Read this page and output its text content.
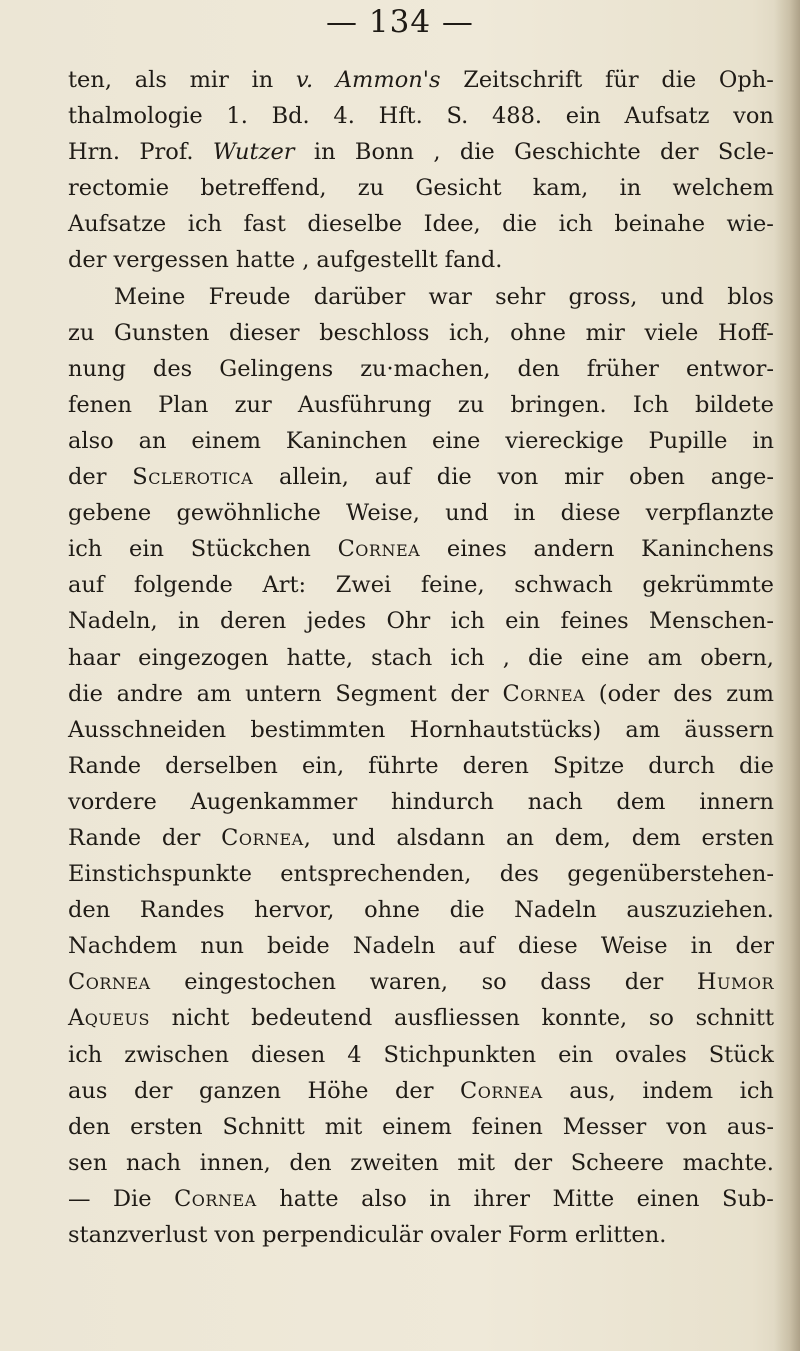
— 134 —
ten, als mir in v. Ammon's Zeitschrift für die Oph-
thalmologie 1. Bd. 4. Hft. S. 488. ein Aufsatz von
Hrn. Prof. Wutzer in Bonn , die Geschichte der Scle-
rectomie betreffend, zu Gesicht kam, in welchem
Aufsatze ich fast dieselbe Idee, die ich beinahe wie-
der vergessen hatte , aufgestellt fand.
Meine Freude darüber war sehr gross, und blos
zu Gunsten dieser beschloss ich, ohne mir viele Hoff-
nung des Gelingens zu·machen, den früher entwor-
fenen Plan zur Ausführung zu bringen. Ich bildete
also an einem Kaninchen eine viereckige Pupille in
der Sclerotica allein, auf die von mir oben ange-
gebene gewöhnliche Weise, und in diese verpflanzte
ich ein Stückchen Cornea eines andern Kaninchens
auf folgende Art: Zwei feine, schwach gekrümmte
Nadeln, in deren jedes Ohr ich ein feines Menschen-
haar eingezogen hatte, stach ich , die eine am obern,
die andre am untern Segment der Cornea (oder des zum
Ausschneiden bestimmten Hornhautstücks) am äussern
Rande derselben ein, führte deren Spitze durch die
vordere Augenkammer hindurch nach dem innern
Rande der Cornea, und alsdann an dem, dem ersten
Einstichspunkte entsprechenden, des gegenüberstehen-
den Randes hervor, ohne die Nadeln auszuziehen.
Nachdem nun beide Nadeln auf diese Weise in der
Cornea eingestochen waren, so dass der Humor
Aqueus nicht bedeutend ausfliessen konnte, so schnitt
ich zwischen diesen 4 Stichpunkten ein ovales Stück
aus der ganzen Höhe der Cornea aus, indem ich
den ersten Schnitt mit einem feinen Messer von aus-
sen nach innen, den zweiten mit der Scheere machte.
— Die Cornea hatte also in ihrer Mitte einen Sub-
stanzverlust von perpendiculär ovaler Form erlitten.
